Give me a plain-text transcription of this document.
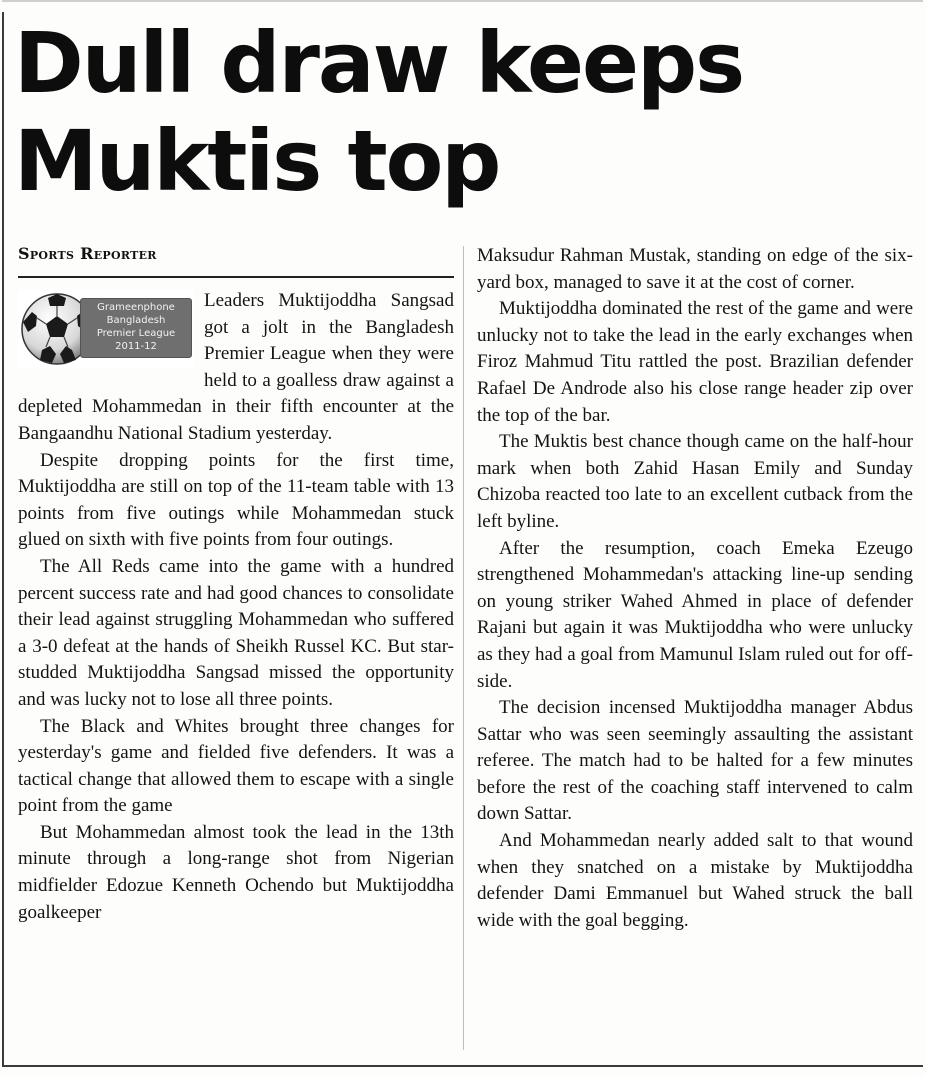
Dull draw keeps
Muktis top
Sports Reporter
Grameenphone
Bangladesh
Premier League
2011-12

Leaders Muktijoddha Sangsad got a jolt in the Bangladesh Premier League when they were held to a goalless draw against a depleted Mohammedan in their fifth encounter at the Bangaandhu National Stadium yesterday.

Despite dropping points for the first time, Muktijoddha are still on top of the 11-team table with 13 points from five outings while Mohammedan stuck glued on sixth with five points from four outings.

The All Reds came into the game with a hundred percent success rate and had good chances to consolidate their lead against struggling Mohammedan who suffered a 3-0 defeat at the hands of Sheikh Russel KC. But star-studded Muktijoddha Sangsad missed the opportunity and was lucky not to lose all three points.

The Black and Whites brought three changes for yesterday's game and fielded five defenders. It was a tactical change that allowed them to escape with a single point from the game

But Mohammedan almost took the lead in the 13th minute through a long-range shot from Nigerian midfielder Edozue Kenneth Ochendo but Muktijoddha goalkeeper

Maksudur Rahman Mustak, standing on edge of the six-yard box, managed to save it at the cost of corner.

Muktijoddha dominated the rest of the game and were unlucky not to take the lead in the early exchanges when Firoz Mahmud Titu rattled the post. Brazilian defender Rafael De Androde also his close range header zip over the top of the bar.

The Muktis best chance though came on the half-hour mark when both Zahid Hasan Emily and Sunday Chizoba reacted too late to an excellent cutback from the left byline.

After the resumption, coach Emeka Ezeugo strengthened Mohammedan's attacking line-up sending on young striker Wahed Ahmed in place of defender Rajani but again it was Muktijoddha who were unlucky as they had a goal from Mamunul Islam ruled out for off-side.

The decision incensed Muktijoddha manager Abdus Sattar who was seen seemingly assaulting the assistant referee. The match had to be halted for a few minutes before the rest of the coaching staff intervened to calm down Sattar.

And Mohammedan nearly added salt to that wound when they snatched on a mistake by Muktijoddha defender Dami Emmanuel but Wahed struck the ball wide with the goal begging.
